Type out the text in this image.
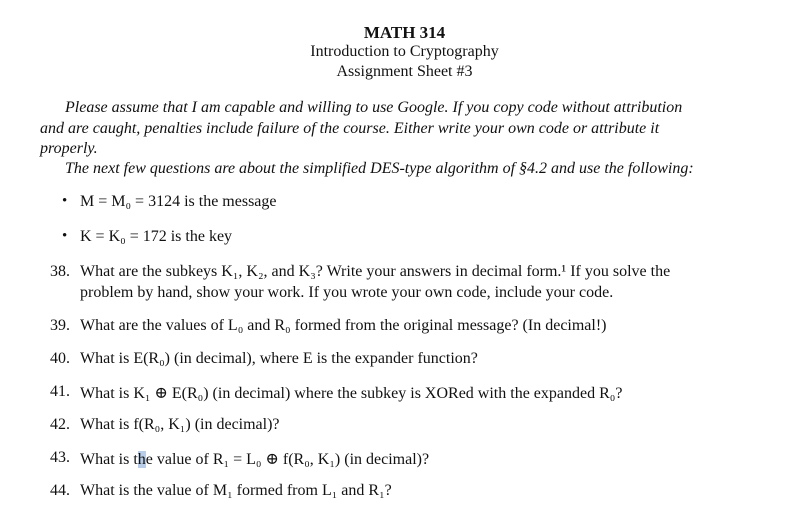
MATH 314
Introduction to Cryptography
Assignment Sheet #3
Please assume that I am capable and willing to use Google. If you copy code without attribution
and are caught, penalties include failure of the course. Either write your own code or attribute it
properly.
The next few questions are about the simplified DES-type algorithm of §4.2 and use the following:
• M = M₀ = 3124 is the message
• K = K₀ = 172 is the key
38. What are the subkeys K₁, K₂, and K₃? Write your answers in decimal form.¹ If you solve the
problem by hand, show your work. If you wrote your own code, include your code.
39. What are the values of L₀ and R₀ formed from the original message? (In decimal!)
40. What is E(R₀) (in decimal), where E is the expander function?
41. What is K₁ ⊕ E(R₀) (in decimal) where the subkey is XORed with the expanded R₀?
42. What is f(R₀, K₁) (in decimal)?
43. What is the value of R₁ = L₀ ⊕ f(R₀, K₁) (in decimal)?
44. What is the value of M₁ formed from L₁ and R₁?
